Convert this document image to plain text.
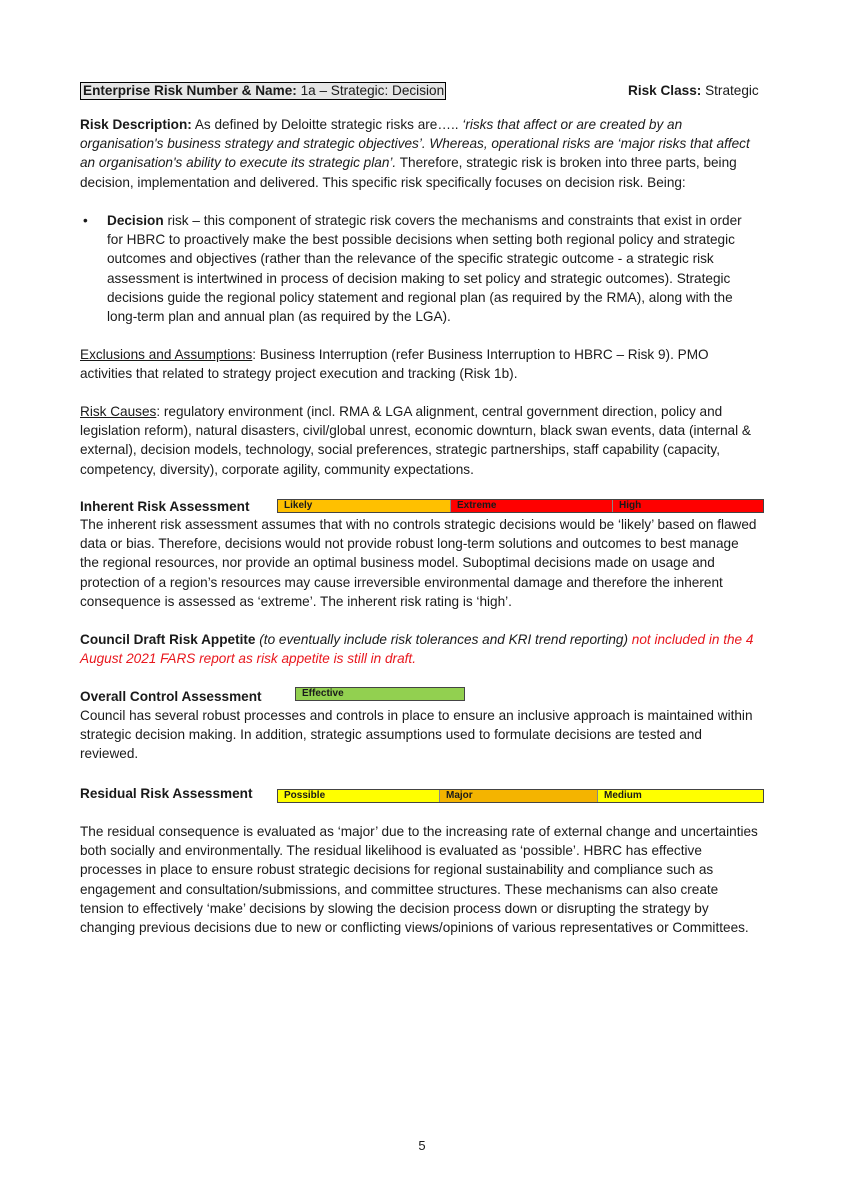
Enterprise Risk Number & Name: 1a – Strategic: Decision	Risk Class: Strategic
Risk Description: As defined by Deloitte strategic risks are….. ‘risks that affect or are created by an organisation's business strategy and strategic objectives’. Whereas, operational risks are ‘major risks that affect an organisation's ability to execute its strategic plan’. Therefore, strategic risk is broken into three parts, being decision, implementation and delivered. This specific risk specifically focuses on decision risk. Being:
• Decision risk – this component of strategic risk covers the mechanisms and constraints that exist in order for HBRC to proactively make the best possible decisions when setting both regional policy and strategic outcomes and objectives (rather than the relevance of the specific strategic outcome - a strategic risk assessment is intertwined in process of decision making to set policy and strategic outcomes). Strategic decisions guide the regional policy statement and regional plan (as required by the RMA), along with the long-term plan and annual plan (as required by the LGA).
Exclusions and Assumptions: Business Interruption (refer Business Interruption to HBRC – Risk 9). PMO activities that related to strategy project execution and tracking (Risk 1b).
Risk Causes: regulatory environment (incl. RMA & LGA alignment, central government direction, policy and legislation reform), natural disasters, civil/global unrest, economic downturn, black swan events, data (internal & external), decision models, technology, social preferences, strategic partnerships, staff capability (capacity, competency, diversity), corporate agility, community expectations.
Inherent Risk Assessment	Likely	Extreme	High
The inherent risk assessment assumes that with no controls strategic decisions would be ‘likely’ based on flawed data or bias. Therefore, decisions would not provide robust long-term solutions and outcomes to best manage the regional resources, nor provide an optimal business model. Suboptimal decisions made on usage and protection of a region’s resources may cause irreversible environmental damage and therefore the inherent consequence is assessed as ‘extreme’. The inherent risk rating is ‘high’.
Council Draft Risk Appetite (to eventually include risk tolerances and KRI trend reporting) not included in the 4 August 2021 FARS report as risk appetite is still in draft.
Overall Control Assessment	Effective
Council has several robust processes and controls in place to ensure an inclusive approach is maintained within strategic decision making. In addition, strategic assumptions used to formulate decisions are tested and reviewed.
Residual Risk Assessment	Possible	Major	Medium
The residual consequence is evaluated as ‘major’ due to the increasing rate of external change and uncertainties both socially and environmentally. The residual likelihood is evaluated as ‘possible’. HBRC has effective processes in place to ensure robust strategic decisions for regional sustainability and compliance such as engagement and consultation/submissions, and committee structures. These mechanisms can also create tension to effectively ‘make’ decisions by slowing the decision process down or disrupting the strategy by changing previous decisions due to new or conflicting views/opinions of various representatives or Committees.
5
